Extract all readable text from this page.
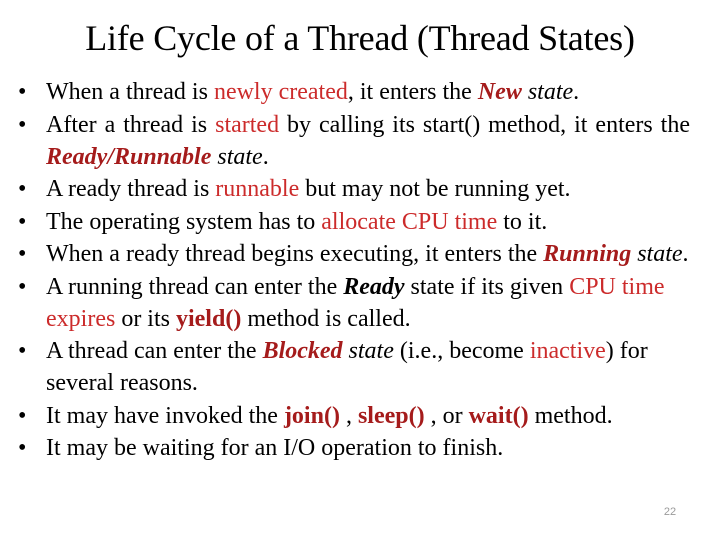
Life Cycle of a Thread (Thread States)
• When a thread is newly created, it enters the New state.
• After a thread is started by calling its start() method, it enters the Ready/Runnable state.
• A ready thread is runnable but may not be running yet.
• The operating system has to allocate CPU time to it.
• When a ready thread begins executing, it enters the Running state.
• A running thread can enter the Ready state if its given CPU time expires or its yield() method is called.
• A thread can enter the Blocked state (i.e., become inactive) for several reasons.
• It may have invoked the join() , sleep() , or wait() method.
• It may be waiting for an I/O operation to finish.
22
